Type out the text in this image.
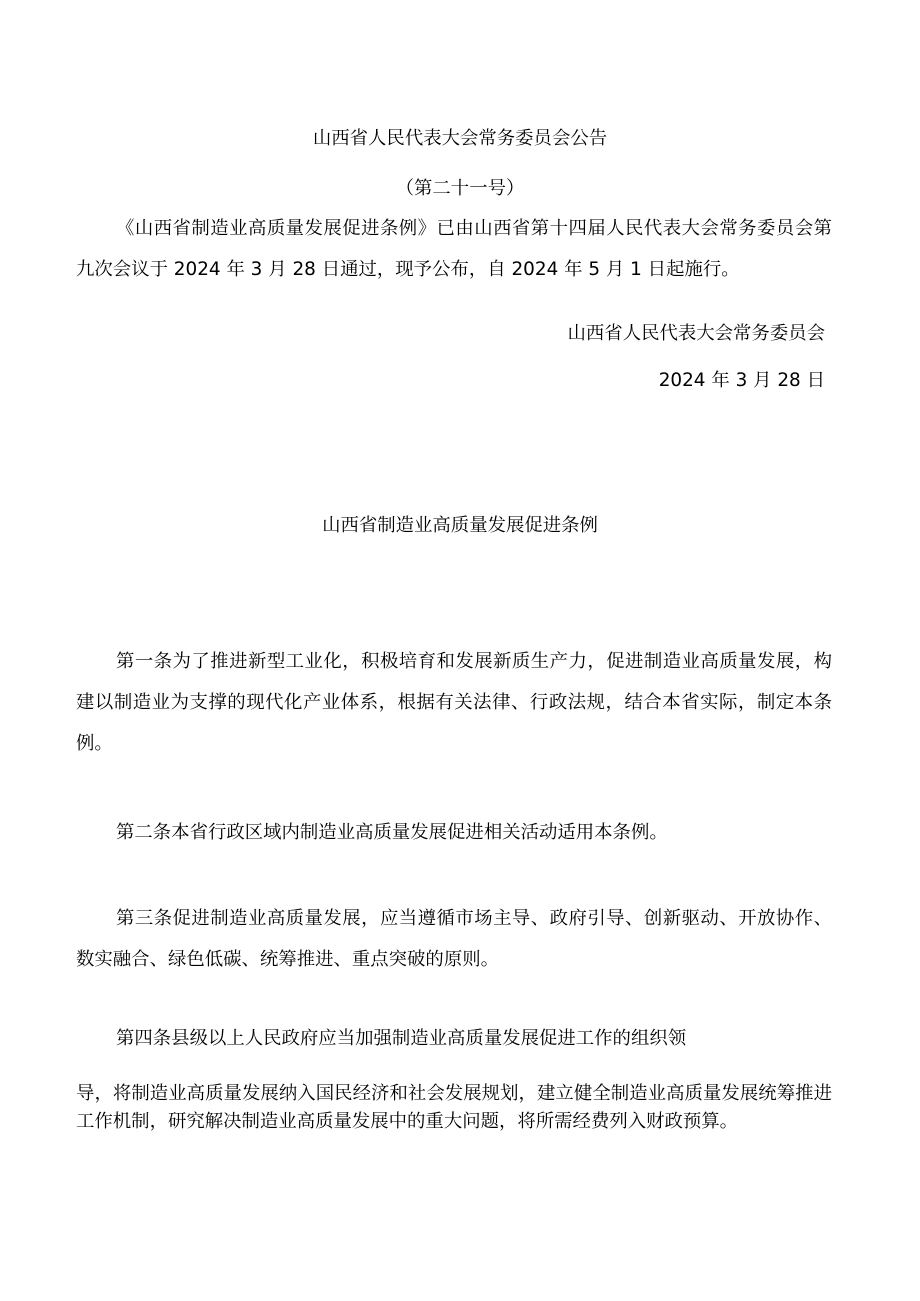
山西省人民代表大会常务委员会公告
（第二十一号）
《山西省制造业高质量发展促进条例》已由山西省第十四届人民代表大会常务委员会第九次会议于 2024 年 3 月 28 日通过，现予公布，自 2024 年 5 月 1 日起施行。
山西省人民代表大会常务委员会
2024 年 3 月 28 日
山西省制造业高质量发展促进条例
第一条为了推进新型工业化，积极培育和发展新质生产力，促进制造业高质量发展，构建以制造业为支撑的现代化产业体系，根据有关法律、行政法规，结合本省实际，制定本条例。
第二条本省行政区域内制造业高质量发展促进相关活动适用本条例。
第三条促进制造业高质量发展，应当遵循市场主导、政府引导、创新驱动、开放协作、数实融合、绿色低碳、统筹推进、重点突破的原则。
第四条县级以上人民政府应当加强制造业高质量发展促进工作的组织领
导，将制造业高质量发展纳入国民经济和社会发展规划，建立健全制造业高质量发展统筹推进工作机制，研究解决制造业高质量发展中的重大问题，将所需经费列入财政预算。
